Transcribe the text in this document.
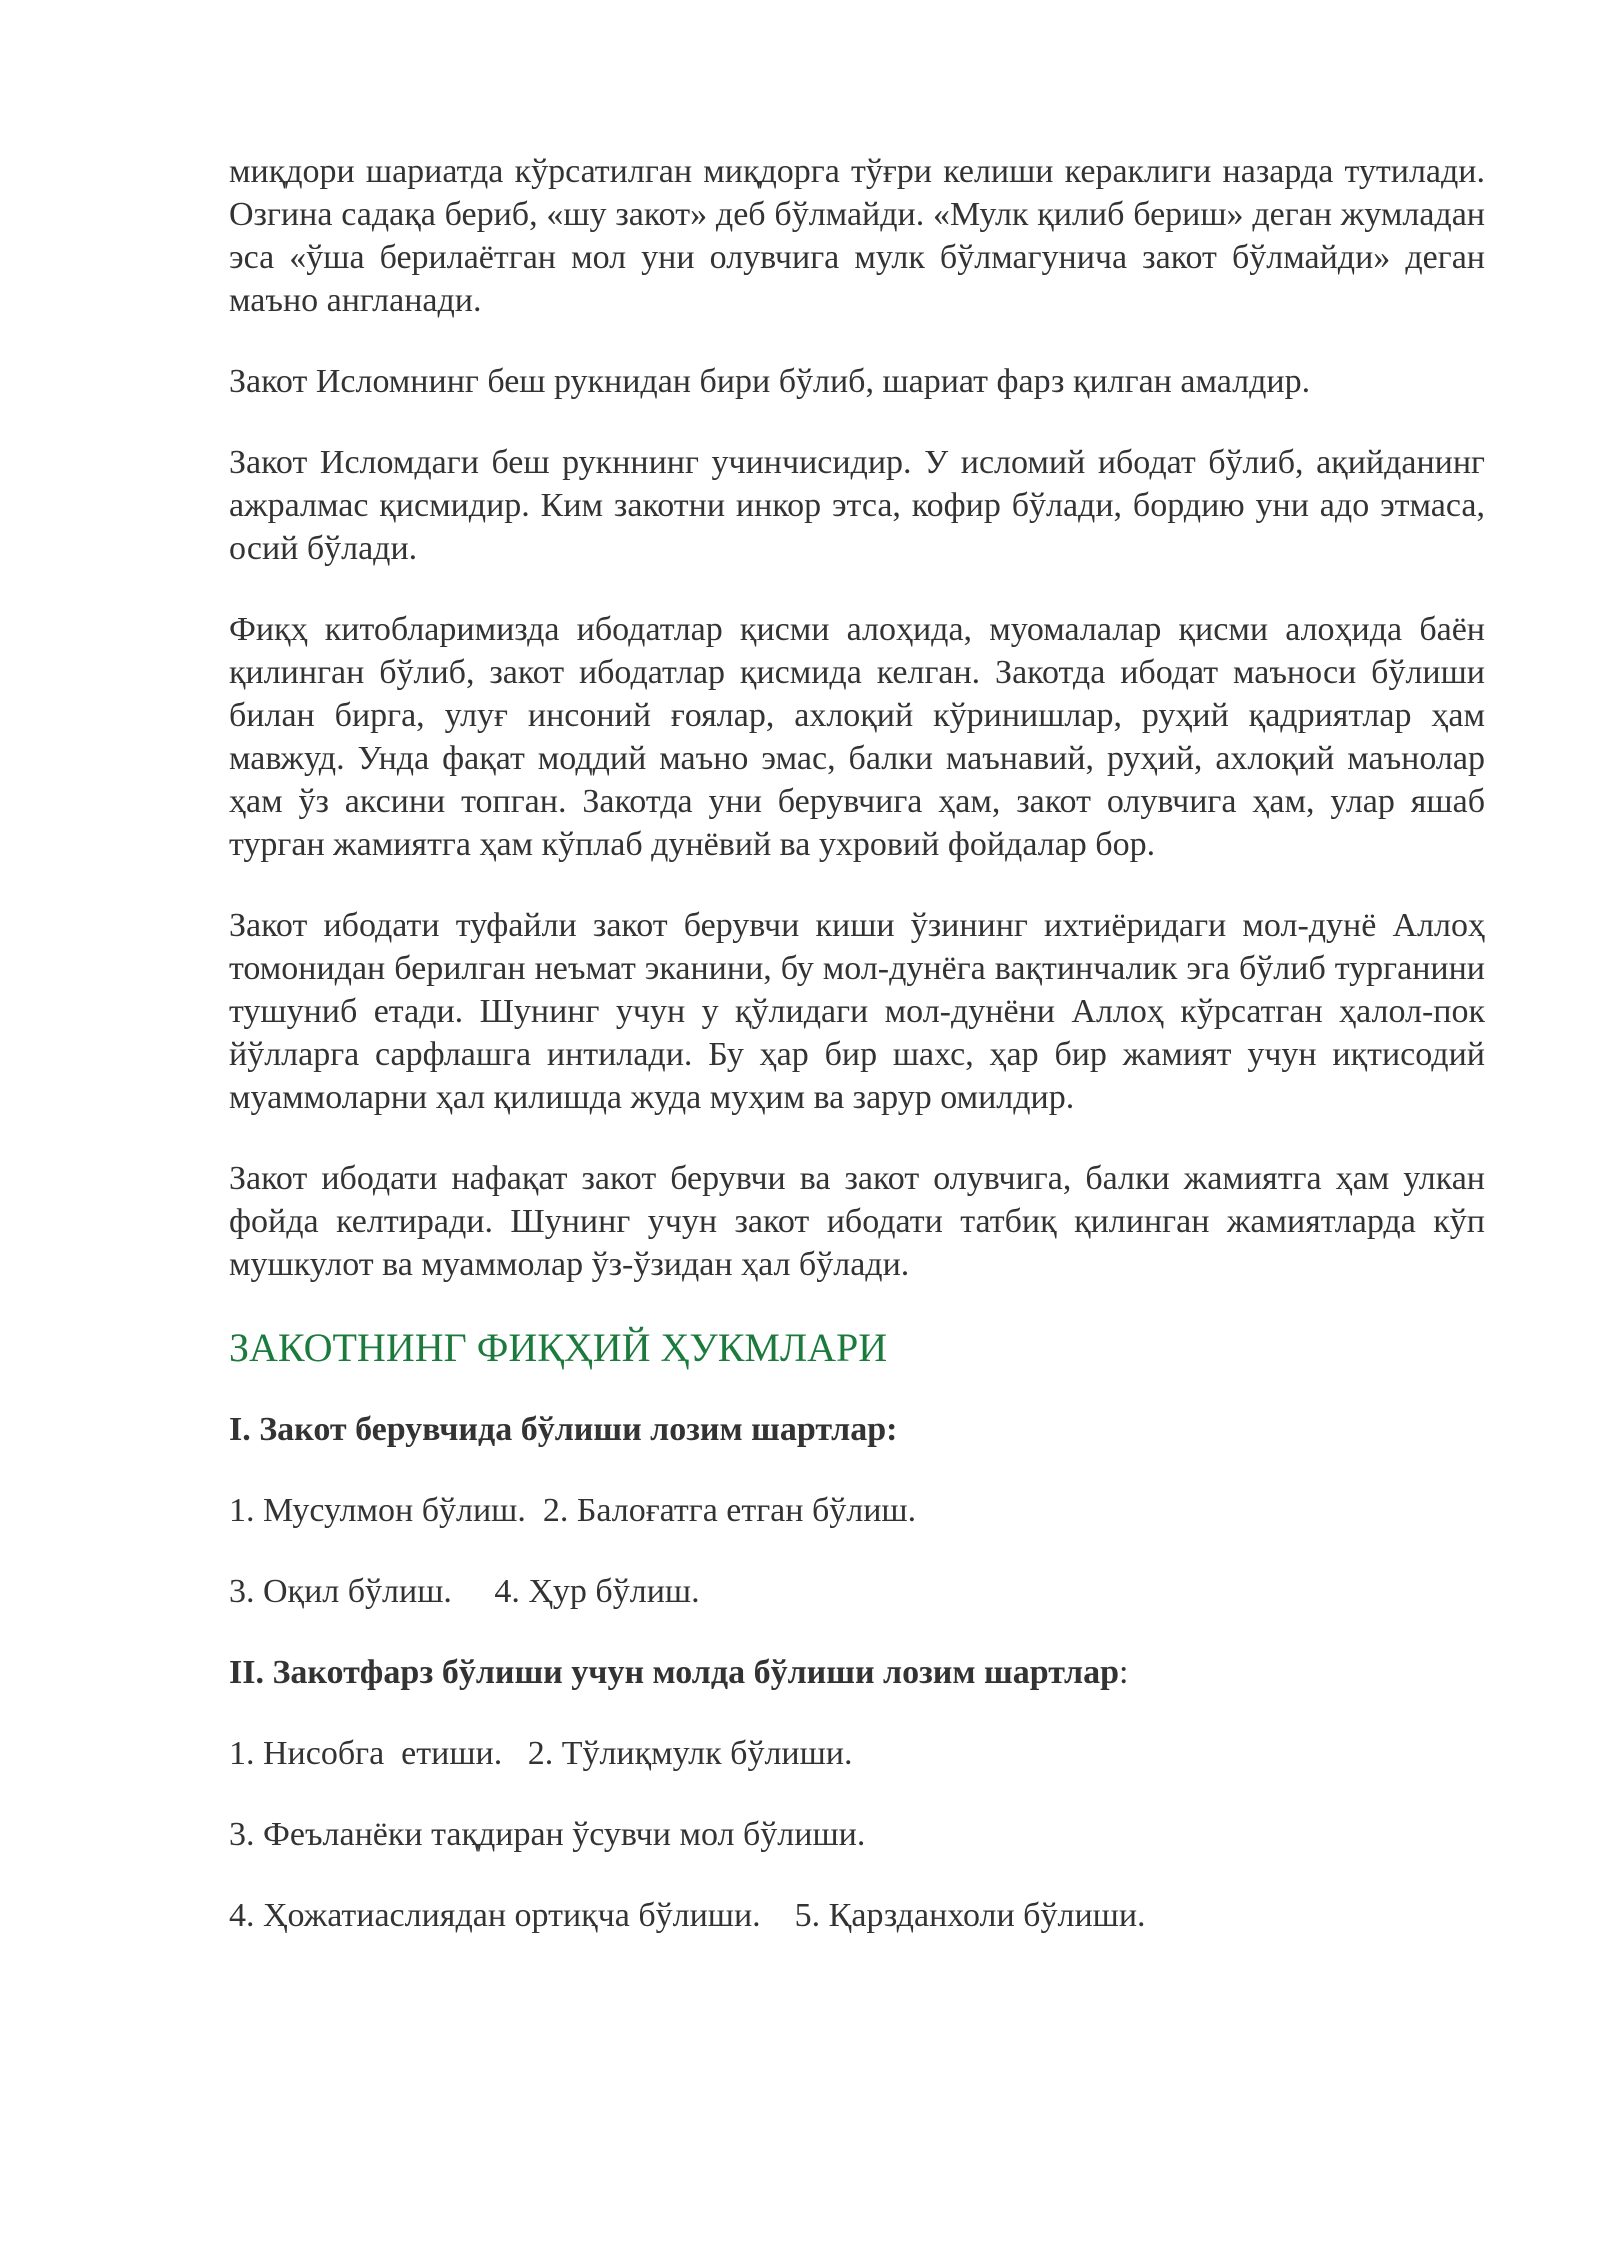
миқдори шариатда кўрсатилган миқдорга тўғри келиши кераклиги назарда тутилади. Озгина садақа бериб, «шу закот» деб бўлмайди. «Мулк қилиб бериш» деган жумладан эса «ўша берилаётган мол уни олувчига мулк бўлмагунича закот бўлмайди» деган маъно англанади.

Закот Исломнинг беш рукнидан бири бўлиб, шариат фарз қилган амалдир.

Закот Исломдаги беш рукннинг учинчисидир. У исломий ибодат бўлиб, ақийданинг ажралмас қисмидир. Ким закотни инкор этса, кофир бўлади, бордию уни адо этмаса, осий бўлади.

Фиқҳ китобларимизда ибодатлар қисми алоҳида, муомалалар қисми алоҳида баён қилинган бўлиб, закот ибодатлар қисмида келган. Закотда ибодат маъноси бўлиши билан бирга, улуғ инсоний ғоялар, ахлоқий кўринишлар, руҳий қадриятлар ҳам мавжуд. Унда фақат моддий маъно эмас, балки маънавий, руҳий, ахлоқий маънолар ҳам ўз аксини топган. Закотда уни берувчига ҳам, закот олувчига ҳам, улар яшаб турган жамиятга ҳам кўплаб дунёвий ва ухровий фойдалар бор.

Закот ибодати туфайли закот берувчи киши ўзининг ихтиёридаги мол-дунё Аллоҳ томонидан берилган неъмат эканини, бу мол-дунёга вақтинчалик эга бўлиб турганини тушуниб етади. Шунинг учун у қўлидаги мол-дунёни Аллоҳ кўрсатган ҳалол-пок йўлларга сарфлашга интилади. Бу ҳар бир шахс, ҳар бир жамият учун иқтисодий муаммоларни ҳал қилишда жуда муҳим ва зарур омилдир.

Закот ибодати нафақат закот берувчи ва закот олувчига, балки жамиятга ҳам улкан фойда келтиради. Шунинг учун закот ибодати татбиқ қилинган жамиятларда кўп мушкулот ва муаммолар ўз-ўзидан ҳал бўлади.

ЗАКОТНИНГ ФИҚҲИЙ ҲУКМЛАРИ

I. Закот берувчида бўлиши лозим шартлар:

1. Мусулмон бўлиш.  2. Балоғатга етган бўлиш.

3. Оқил бўлиш.     4. Ҳур бўлиш.

II. Закотфарз бўлиши учун молда бўлиши лозим шартлар:

1. Нисобга  етиши.   2. Тўлиқмулк бўлиши.

3. Феъланёки тақдиран ўсувчи мол бўлиши.

4. Ҳожатиаслиядан ортиқча бўлиши.    5. Қарзданхоли бўлиши.
